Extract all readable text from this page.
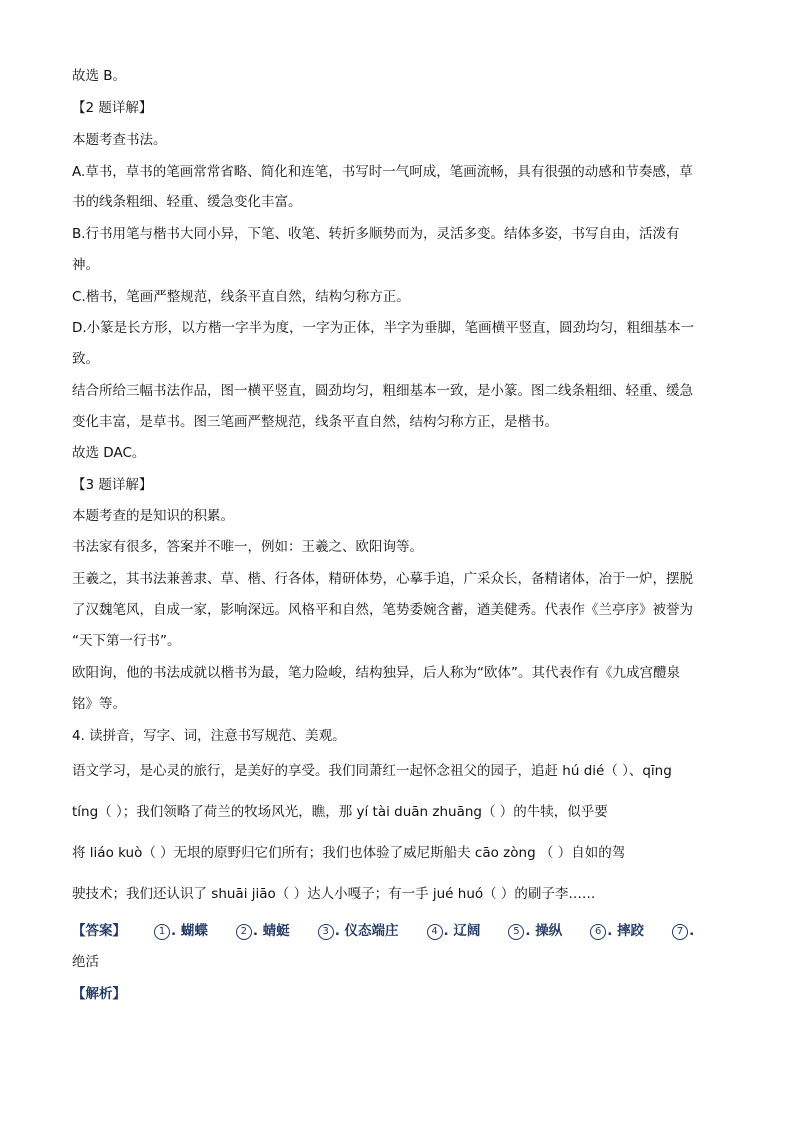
故选 B。
【2 题详解】
本题考查书法。
A.草书，草书的笔画常常省略、简化和连笔，书写时一气呵成，笔画流畅，具有很强的动感和节奏感，草
书的线条粗细、轻重、缓急变化丰富。
B.行书用笔与楷书大同小异，下笔、收笔、转折多顺势而为，灵活多变。结体多姿，书写自由，活泼有
神。
C.楷书，笔画严整规范，线条平直自然，结构匀称方正。
D.小篆是长方形，以方楷一字半为度，一字为正体，半字为垂脚，笔画横平竖直，圆劲均匀，粗细基本一
致。
结合所给三幅书法作品，图一横平竖直，圆劲均匀，粗细基本一致，是小篆。图二线条粗细、轻重、缓急
变化丰富，是草书。图三笔画严整规范，线条平直自然，结构匀称方正，是楷书。
故选 DAC。
【3 题详解】
本题考查的是知识的积累。
书法家有很多，答案并不唯一，例如：王羲之、欧阳询等。
王羲之，其书法兼善隶、草、楷、行各体，精研体势，心摹手追，广采众长，备精诸体，冶于一炉，摆脱
了汉魏笔风，自成一家，影响深远。风格平和自然，笔势委婉含蓄，遒美健秀。代表作《兰亭序》被誉为
“天下第一行书”。
欧阳询，他的书法成就以楷书为最，笔力险峻，结构独异，后人称为“欧体”。其代表作有《九成宫醴泉
铭》等。
4. 读拼音，写字、词，注意书写规范、美观。
语文学习，是心灵的旅行，是美好的享受。我们同萧红一起怀念祖父的园子，追赶 hú dié（ ）、qīng
tíng（ ）；我们领略了荷兰的牧场风光，瞧，那 yí tài duān zhuāng（ ）的牛犊，似乎要
将 liáo kuò（ ）无垠的原野归它们所有；我们也体验了威尼斯船夫 cāo zòng （ ）自如的驾
驶技术；我们还认识了 shuāi jiāo（ ）达人小嘎子；有一手 jué huó（ ）的刷子李……
【答案】	1 . 蝴蝶	2 . 蜻蜓	3 . 仪态端庄	4 . 辽阔	5 . 操纵	6 . 摔跤	7 .
绝活
【解析】
